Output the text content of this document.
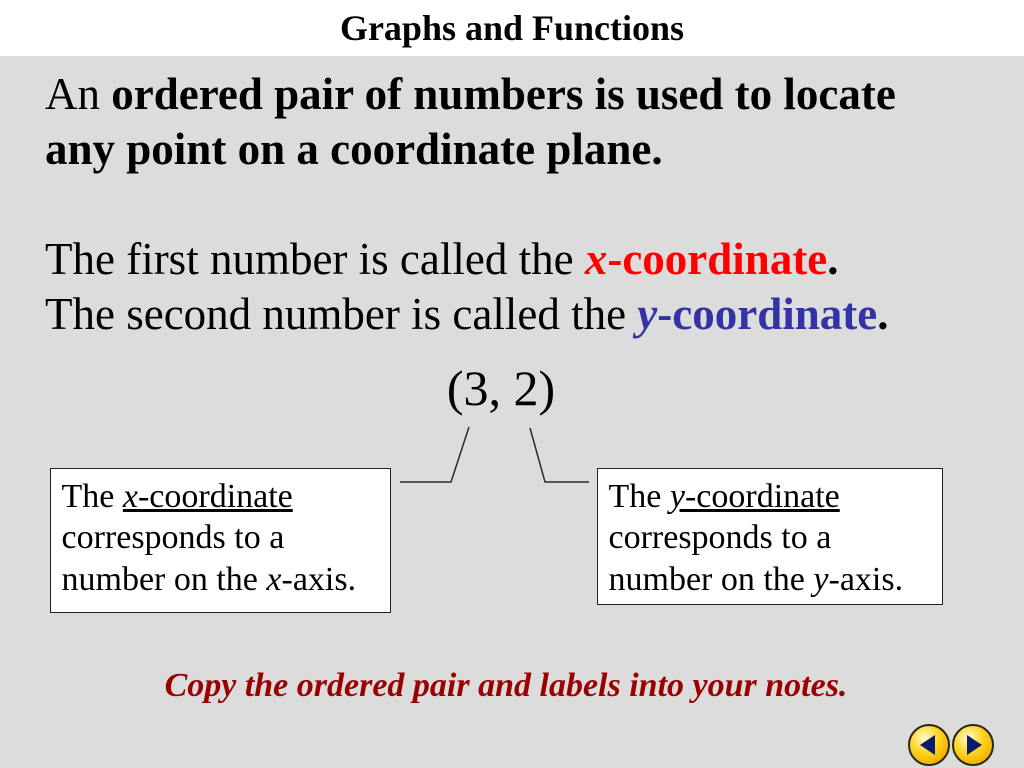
Graphs and Functions
An ordered pair of numbers is used to locate
any point on a coordinate plane.
The first number is called the x-coordinate.
The second number is called the y-coordinate.
(3, 2)
The x-coordinate
corresponds to a
number on the x-axis.
The y-coordinate
corresponds to a
number on the y-axis.
Copy the ordered pair and labels into your notes.
